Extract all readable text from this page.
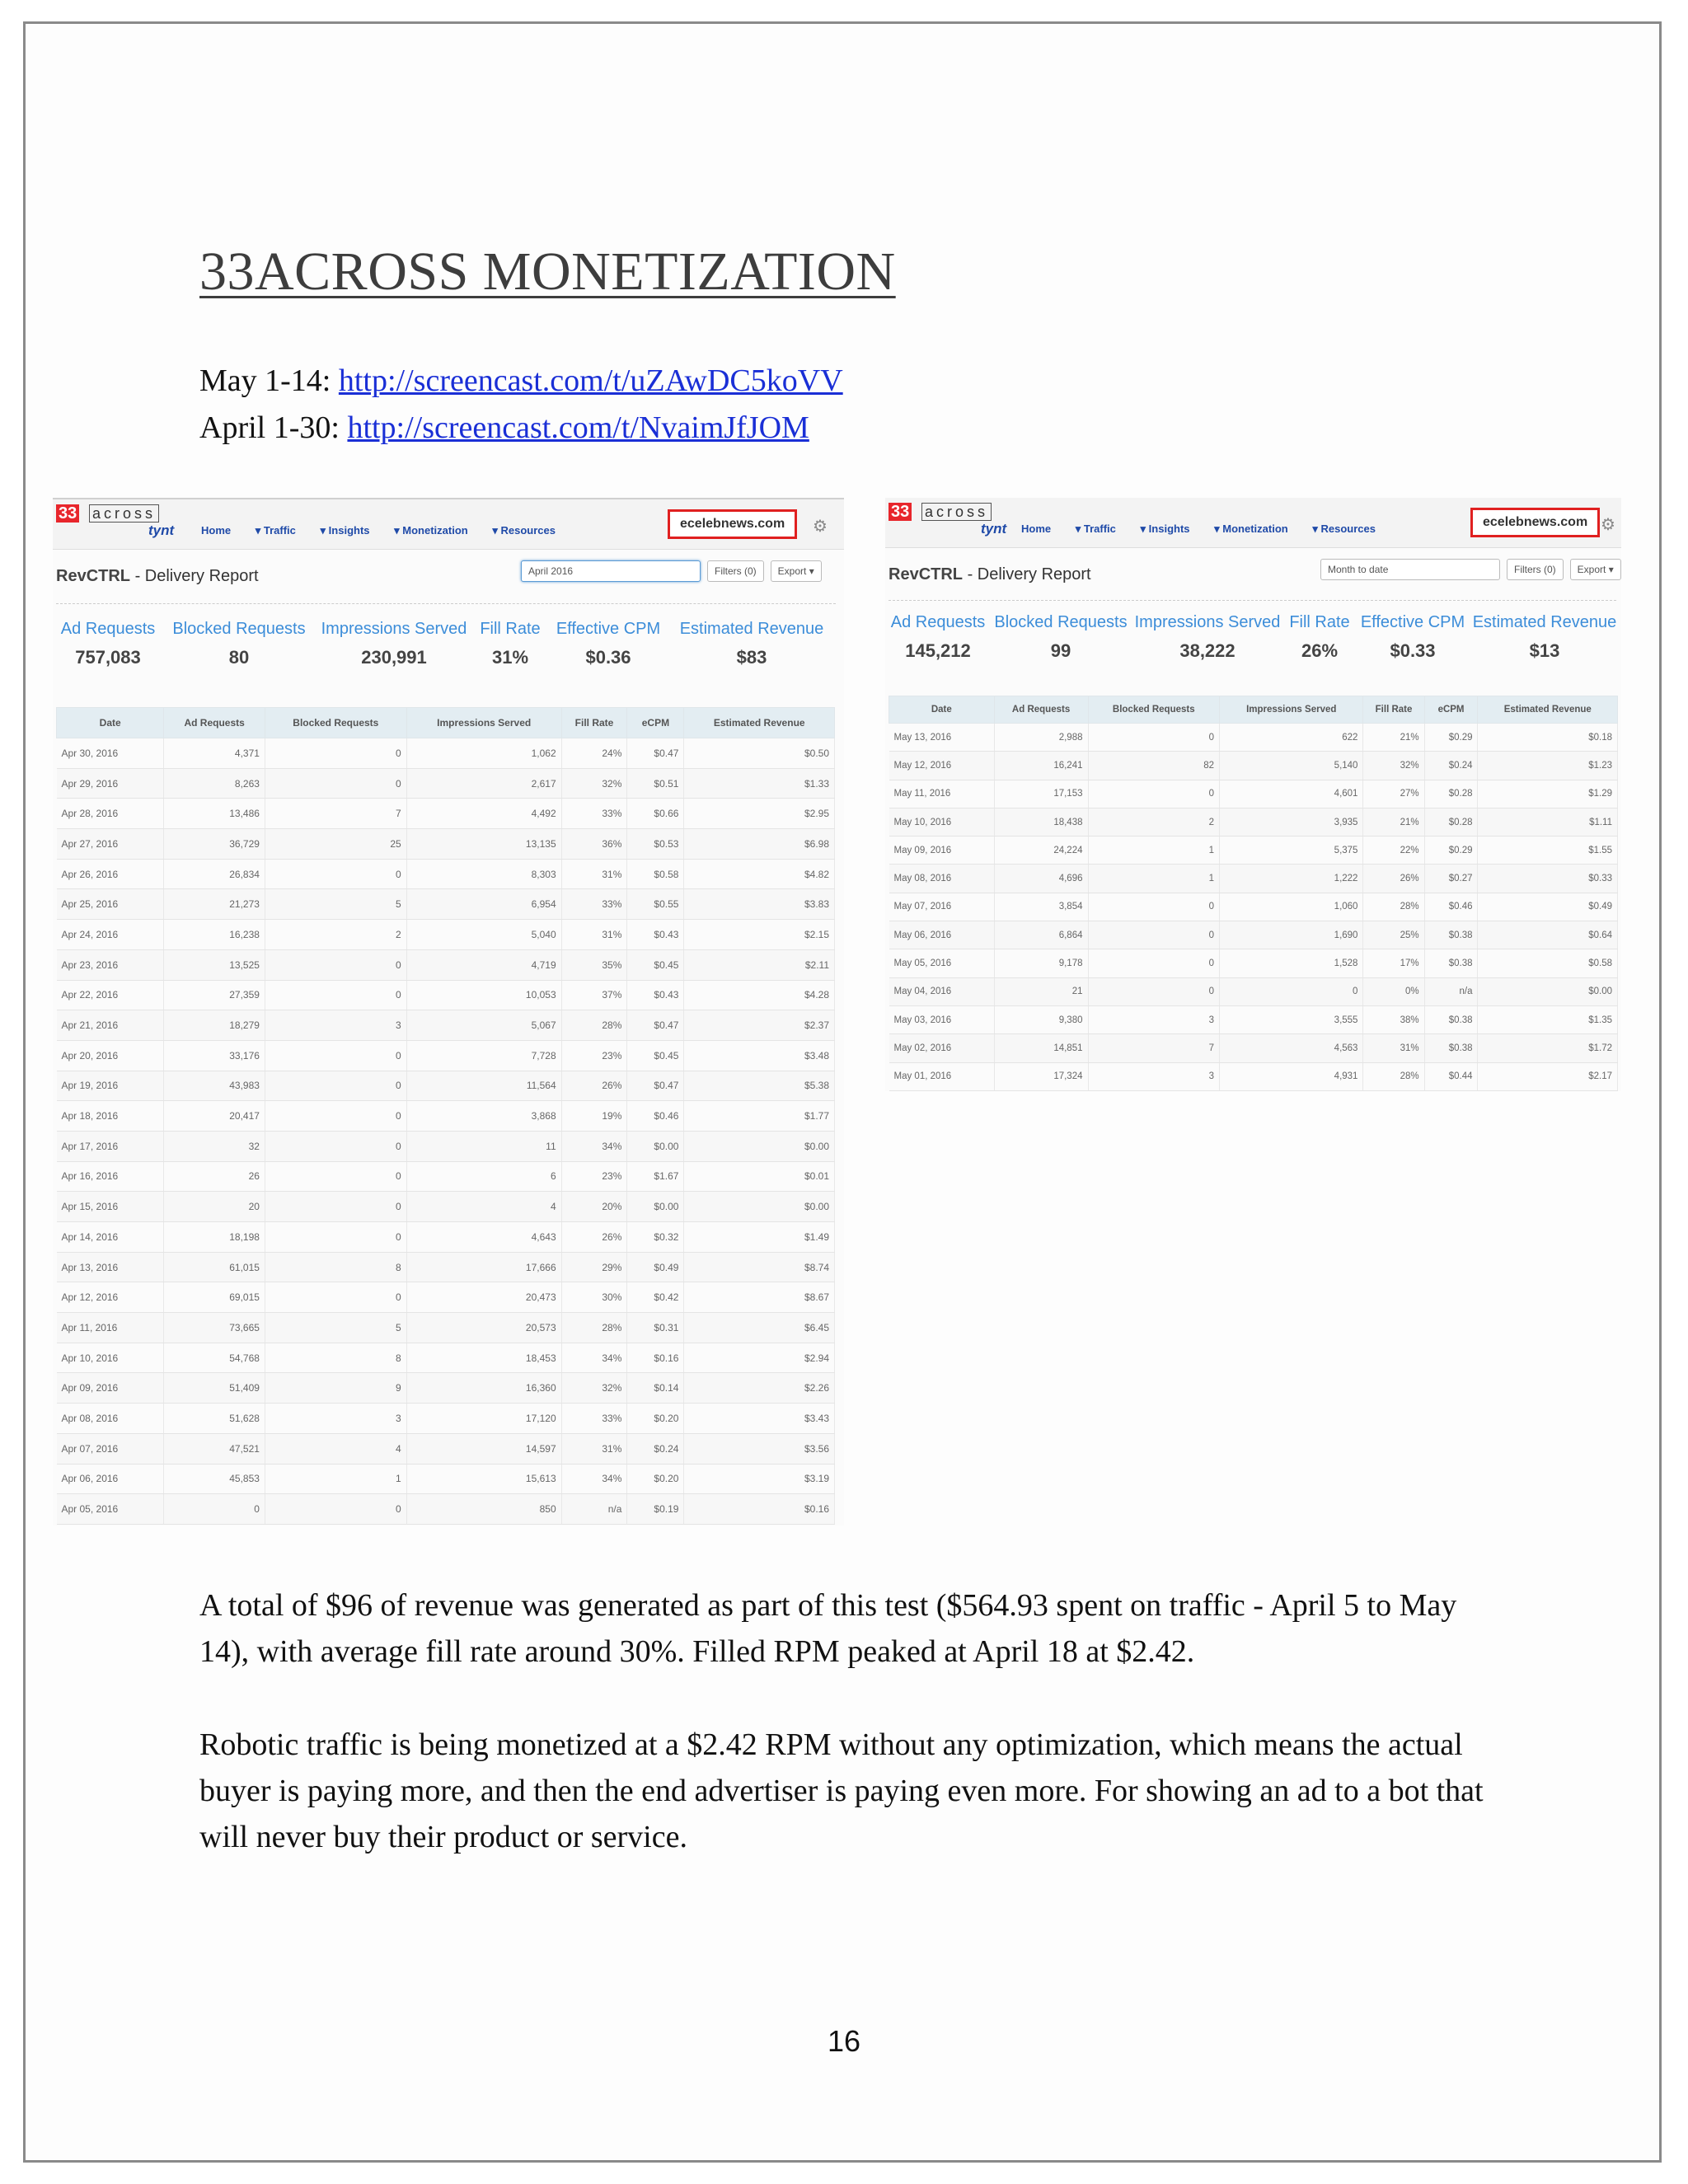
33ACROSS MONETIZATION
May 1-14: http://screencast.com/t/uZAwDC5koVV
April 1-30: http://screencast.com/t/NvaimJfJOM
33 across
tynt	Home ▾ Traffic ▾ Insights ▾ Monetization ▾ Resources	ecelebnews.com	⚙
RevCTRL - Delivery Report	April 2016	Filters (0) Export ▾
Ad Requests
757,083
Blocked Requests
80
Impressions Served
230,991
Fill Rate
31%
Effective CPM
$0.36
Estimated Revenue
$83
Date	Ad Requests	Blocked Requests	Impressions Served	Fill Rate	eCPM	Estimated Revenue
Apr 30, 2016	4,371	0	1,062	24%	$0.47	$0.50
Apr 29, 2016	8,263	0	2,617	32%	$0.51	$1.33
Apr 28, 2016	13,486	7	4,492	33%	$0.66	$2.95
Apr 27, 2016	36,729	25	13,135	36%	$0.53	$6.98
Apr 26, 2016	26,834	0	8,303	31%	$0.58	$4.82
Apr 25, 2016	21,273	5	6,954	33%	$0.55	$3.83
Apr 24, 2016	16,238	2	5,040	31%	$0.43	$2.15
Apr 23, 2016	13,525	0	4,719	35%	$0.45	$2.11
Apr 22, 2016	27,359	0	10,053	37%	$0.43	$4.28
Apr 21, 2016	18,279	3	5,067	28%	$0.47	$2.37
Apr 20, 2016	33,176	0	7,728	23%	$0.45	$3.48
Apr 19, 2016	43,983	0	11,564	26%	$0.47	$5.38
Apr 18, 2016	20,417	0	3,868	19%	$0.46	$1.77
Apr 17, 2016	32	0	11	34%	$0.00	$0.00
Apr 16, 2016	26	0	6	23%	$1.67	$0.01
Apr 15, 2016	20	0	4	20%	$0.00	$0.00
Apr 14, 2016	18,198	0	4,643	26%	$0.32	$1.49
Apr 13, 2016	61,015	8	17,666	29%	$0.49	$8.74
Apr 12, 2016	69,015	0	20,473	30%	$0.42	$8.67
Apr 11, 2016	73,665	5	20,573	28%	$0.31	$6.45
Apr 10, 2016	54,768	8	18,453	34%	$0.16	$2.94
Apr 09, 2016	51,409	9	16,360	32%	$0.14	$2.26
Apr 08, 2016	51,628	3	17,120	33%	$0.20	$3.43
Apr 07, 2016	47,521	4	14,597	31%	$0.24	$3.56
Apr 06, 2016	45,853	1	15,613	34%	$0.20	$3.19
Apr 05, 2016	0	0	850	n/a	$0.19	$0.16
33 across
tynt Home ▾ Traffic ▾ Insights ▾ Monetization ▾ Resources	ecelebnews.com ⚙
RevCTRL - Delivery Report	Month to date	Filters (0) Export ▾
Ad Requests
145,212
Blocked Requests
99
Impressions Served
38,222
Fill Rate
26%
Effective CPM
$0.33
Estimated Revenue
$13
Date	Ad Requests	Blocked Requests	Impressions Served	Fill Rate	eCPM	Estimated Revenue
May 13, 2016	2,988	0	622	21%	$0.29	$0.18
May 12, 2016	16,241	82	5,140	32%	$0.24	$1.23
May 11, 2016	17,153	0	4,601	27%	$0.28	$1.29
May 10, 2016	18,438	2	3,935	21%	$0.28	$1.11
May 09, 2016	24,224	1	5,375	22%	$0.29	$1.55
May 08, 2016	4,696	1	1,222	26%	$0.27	$0.33
May 07, 2016	3,854	0	1,060	28%	$0.46	$0.49
May 06, 2016	6,864	0	1,690	25%	$0.38	$0.64
May 05, 2016	9,178	0	1,528	17%	$0.38	$0.58
May 04, 2016	21	0	0	0%	n/a	$0.00
May 03, 2016	9,380	3	3,555	38%	$0.38	$1.35
May 02, 2016	14,851	7	4,563	31%	$0.38	$1.72
May 01, 2016	17,324	3	4,931	28%	$0.44	$2.17

A total of $96 of revenue was generated as part of this test ($564.93 spent on traffic - April 5 to May 14), with average fill rate around 30%. Filled RPM peaked at April 18 at $2.42.

Robotic traffic is being monetized at a $2.42 RPM without any optimization, which means the actual buyer is paying more, and then the end advertiser is paying even more. For showing an ad to a bot that will never buy their product or service.

16
